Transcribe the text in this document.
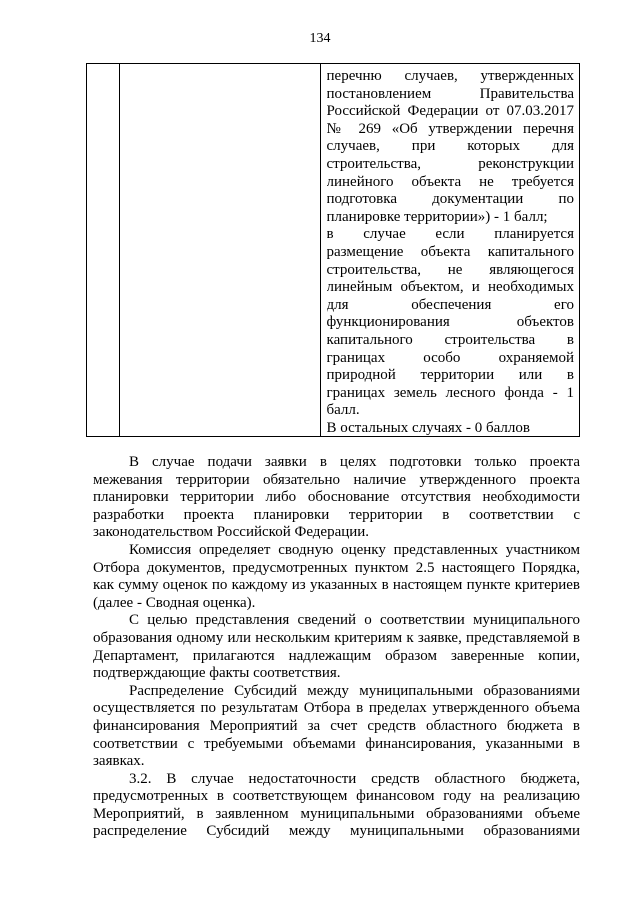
134
перечню случаев, утвержденных
постановлением Правительства
Российской Федерации от 07.03.2017
№ 269 «Об утверждении перечня
случаев, при которых для
строительства, реконструкции
линейного объекта не требуется
подготовка документации по
планировке территории») - 1 балл;
в случае если планируется
размещение объекта капитального
строительства, не являющегося
линейным объектом, и необходимых
для обеспечения его
функционирования объектов
капитального строительства в
границах особо охраняемой
природной территории или в
границах земель лесного фонда - 1
балл.
В остальных случаях - 0 баллов
В случае подачи заявки в целях подготовки только проекта
межевания территории обязательно наличие утвержденного проекта
планировки территории либо обоснование отсутствия необходимости
разработки проекта планировки территории в соответствии с
законодательством Российской Федерации.
Комиссия определяет сводную оценку представленных участником
Отбора документов, предусмотренных пунктом 2.5 настоящего Порядка,
как сумму оценок по каждому из указанных в настоящем пункте критериев
(далее - Сводная оценка).
С целью представления сведений о соответствии муниципального
образования одному или нескольким критериям к заявке, представляемой в
Департамент, прилагаются надлежащим образом заверенные копии,
подтверждающие факты соответствия.
Распределение Субсидий между муниципальными образованиями
осуществляется по результатам Отбора в пределах утвержденного объема
финансирования Мероприятий за счет средств областного бюджета в
соответствии с требуемыми объемами финансирования, указанными в
заявках.
3.2. В случае недостаточности средств областного бюджета,
предусмотренных в соответствующем финансовом году на реализацию
Мероприятий, в заявленном муниципальными образованиями объеме
распределение Субсидий между муниципальными образованиями
